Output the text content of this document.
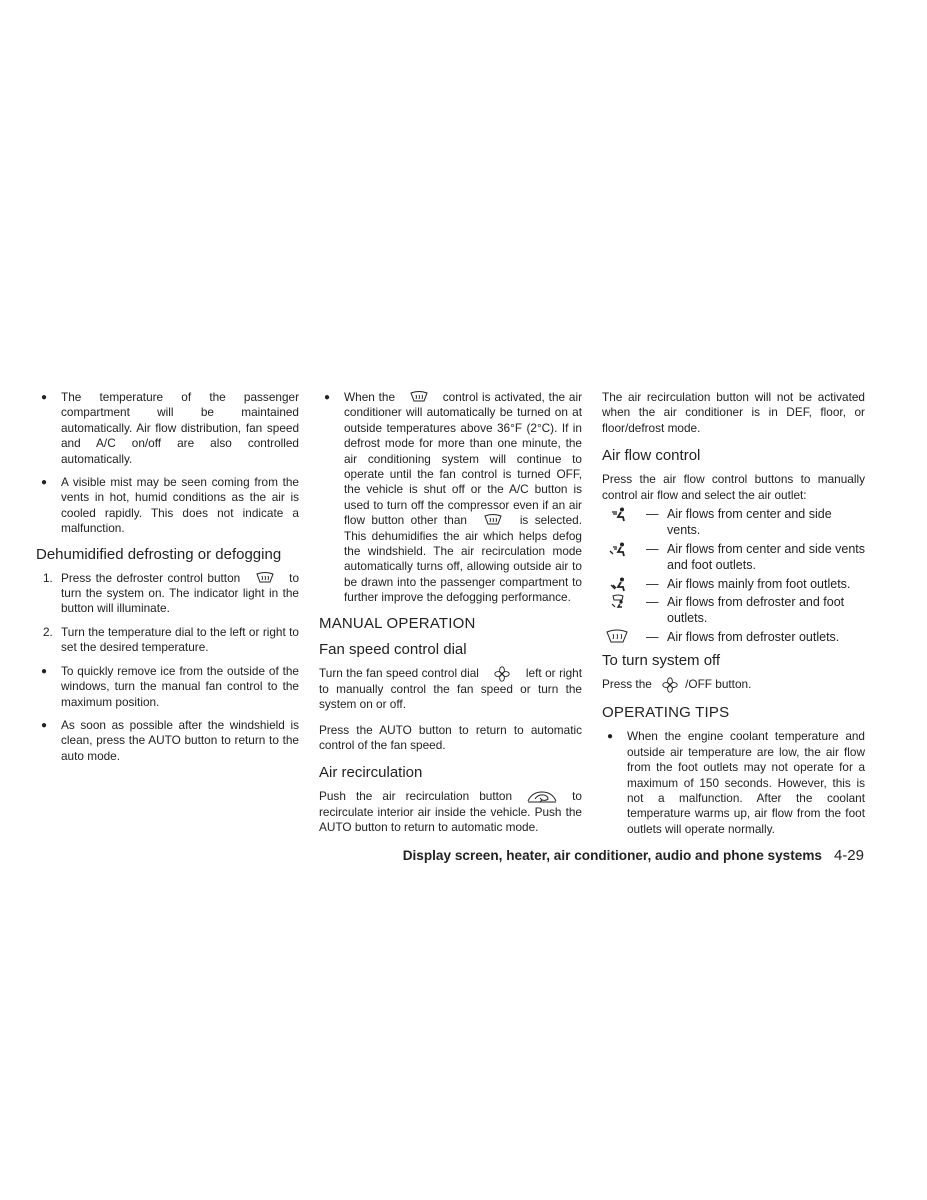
● The temperature of the passenger compartment will be maintained automatically. Air flow distribution, fan speed and A/C on/off are also controlled automatically.
● A visible mist may be seen coming from the vents in hot, humid conditions as the air is cooled rapidly. This does not indicate a malfunction.
Dehumidified defrosting or defogging
1. Press the defroster control button	to turn the system on. The indicator light in the button will illuminate.
2. Turn the temperature dial to the left or right to set the desired temperature.
● To quickly remove ice from the outside of the windows, turn the manual fan control to the maximum position.
● As soon as possible after the windshield is clean, press the AUTO button to return to the auto mode.
● When the	control is activated, the air conditioner will automatically be turned on at outside temperatures above 36°F (2°C). If in defrost mode for more than one minute, the air conditioning system will continue to operate until the fan control is turned OFF, the vehicle is shut off or the A/C button is used to turn off the compressor even if an air flow button other than	is selected. This dehumidifies the air which helps defog the windshield. The air recirculation mode automatically turns off, allowing outside air to be drawn into the passenger compartment to further improve the defogging performance.
MANUAL OPERATION
Fan speed control dial

Turn the fan speed control dial	left or right to manually control the fan speed or turn the system on or off.

Press the AUTO button to return to automatic control of the fan speed.

Air recirculation

Push the air recirculation button	to recirculate interior air inside the vehicle. Push the AUTO button to return to automatic mode.

The air recirculation button will not be activated when the air conditioner is in DEF, floor, or floor/defrost mode.

Air flow control

Press the air flow control buttons to manually control air flow and select the air outlet:

— Air flows from center and side vents.
— Air flows from center and side vents and foot outlets.
— Air flows mainly from foot outlets.
— Air flows from defroster and foot outlets.
— Air flows from defroster outlets.
To turn system off

Press the	/OFF button.

OPERATING TIPS
● When the engine coolant temperature and outside air temperature are low, the air flow from the foot outlets may not operate for a maximum of 150 seconds. However, this is not a malfunction. After the coolant temperature warms up, air flow from the foot outlets will operate normally.
Display screen, heater, air conditioner, audio and phone systems 4-29
